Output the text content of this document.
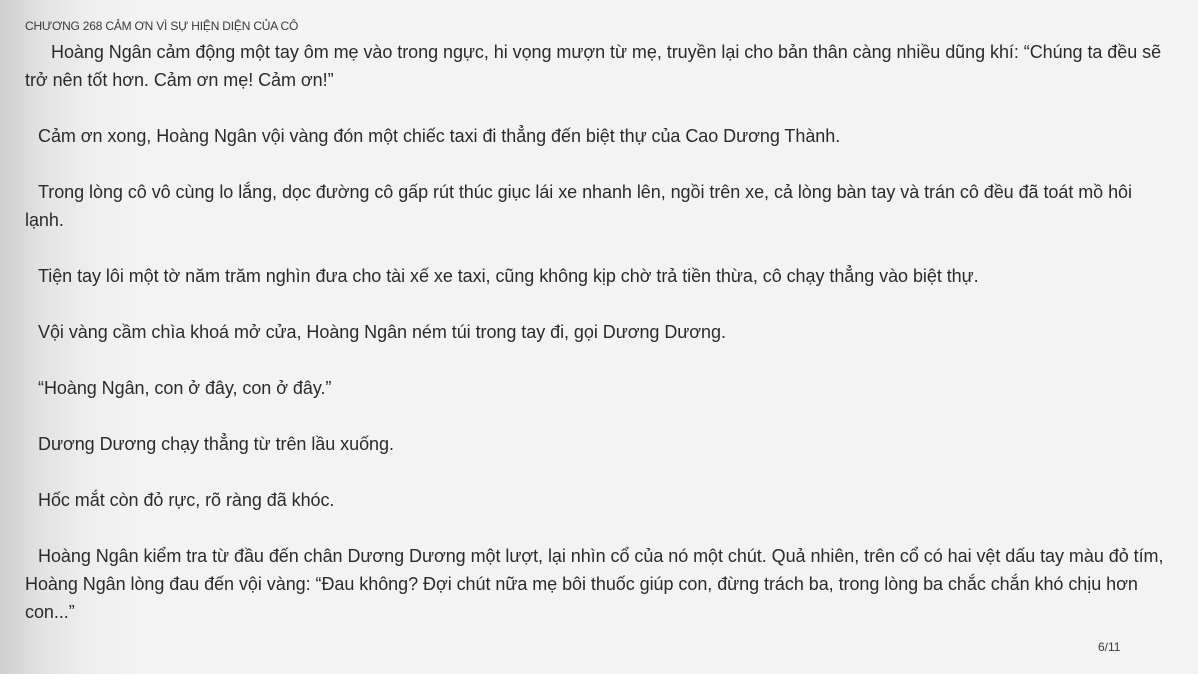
CHƯƠNG 268 CẢM ƠN VÌ SỰ HIỆN DIỆN CỦA CÔ

Hoàng Ngân cảm động một tay ôm mẹ vào trong ngực, hi vọng mượn từ mẹ, truyền lại cho bản thân càng nhiều dũng khí: “Chúng ta đều sẽ trở nên tốt hơn. Cảm ơn mẹ! Cảm ơn!”

Cảm ơn xong, Hoàng Ngân vội vàng đón một chiếc taxi đi thẳng đến biệt thự của Cao Dương Thành.

Trong lòng cô vô cùng lo lắng, dọc đường cô gấp rút thúc giục lái xe nhanh lên, ngồi trên xe, cả lòng bàn tay và trán cô đều đã toát mồ hôi lạnh.

Tiện tay lôi một tờ năm trăm nghìn đưa cho tài xế xe taxi, cũng không kịp chờ trả tiền thừa, cô chạy thẳng vào biệt thự.

Vội vàng cầm chìa khoá mở cửa, Hoàng Ngân ném túi trong tay đi, gọi Dương Dương.

“Hoàng Ngân, con ở đây, con ở đây.”

Dương Dương chạy thẳng từ trên lầu xuống.

Hốc mắt còn đỏ rực, rõ ràng đã khóc.

Hoàng Ngân kiểm tra từ đầu đến chân Dương Dương một lượt, lại nhìn cổ của nó một chút. Quả nhiên, trên cổ có hai vệt dấu tay màu đỏ tím, Hoàng Ngân lòng đau đến vội vàng: “Đau không? Đợi chút nữa mẹ bôi thuốc giúp con, đừng trách ba, trong lòng ba chắc chắn khó chịu hơn con...”

6/11
